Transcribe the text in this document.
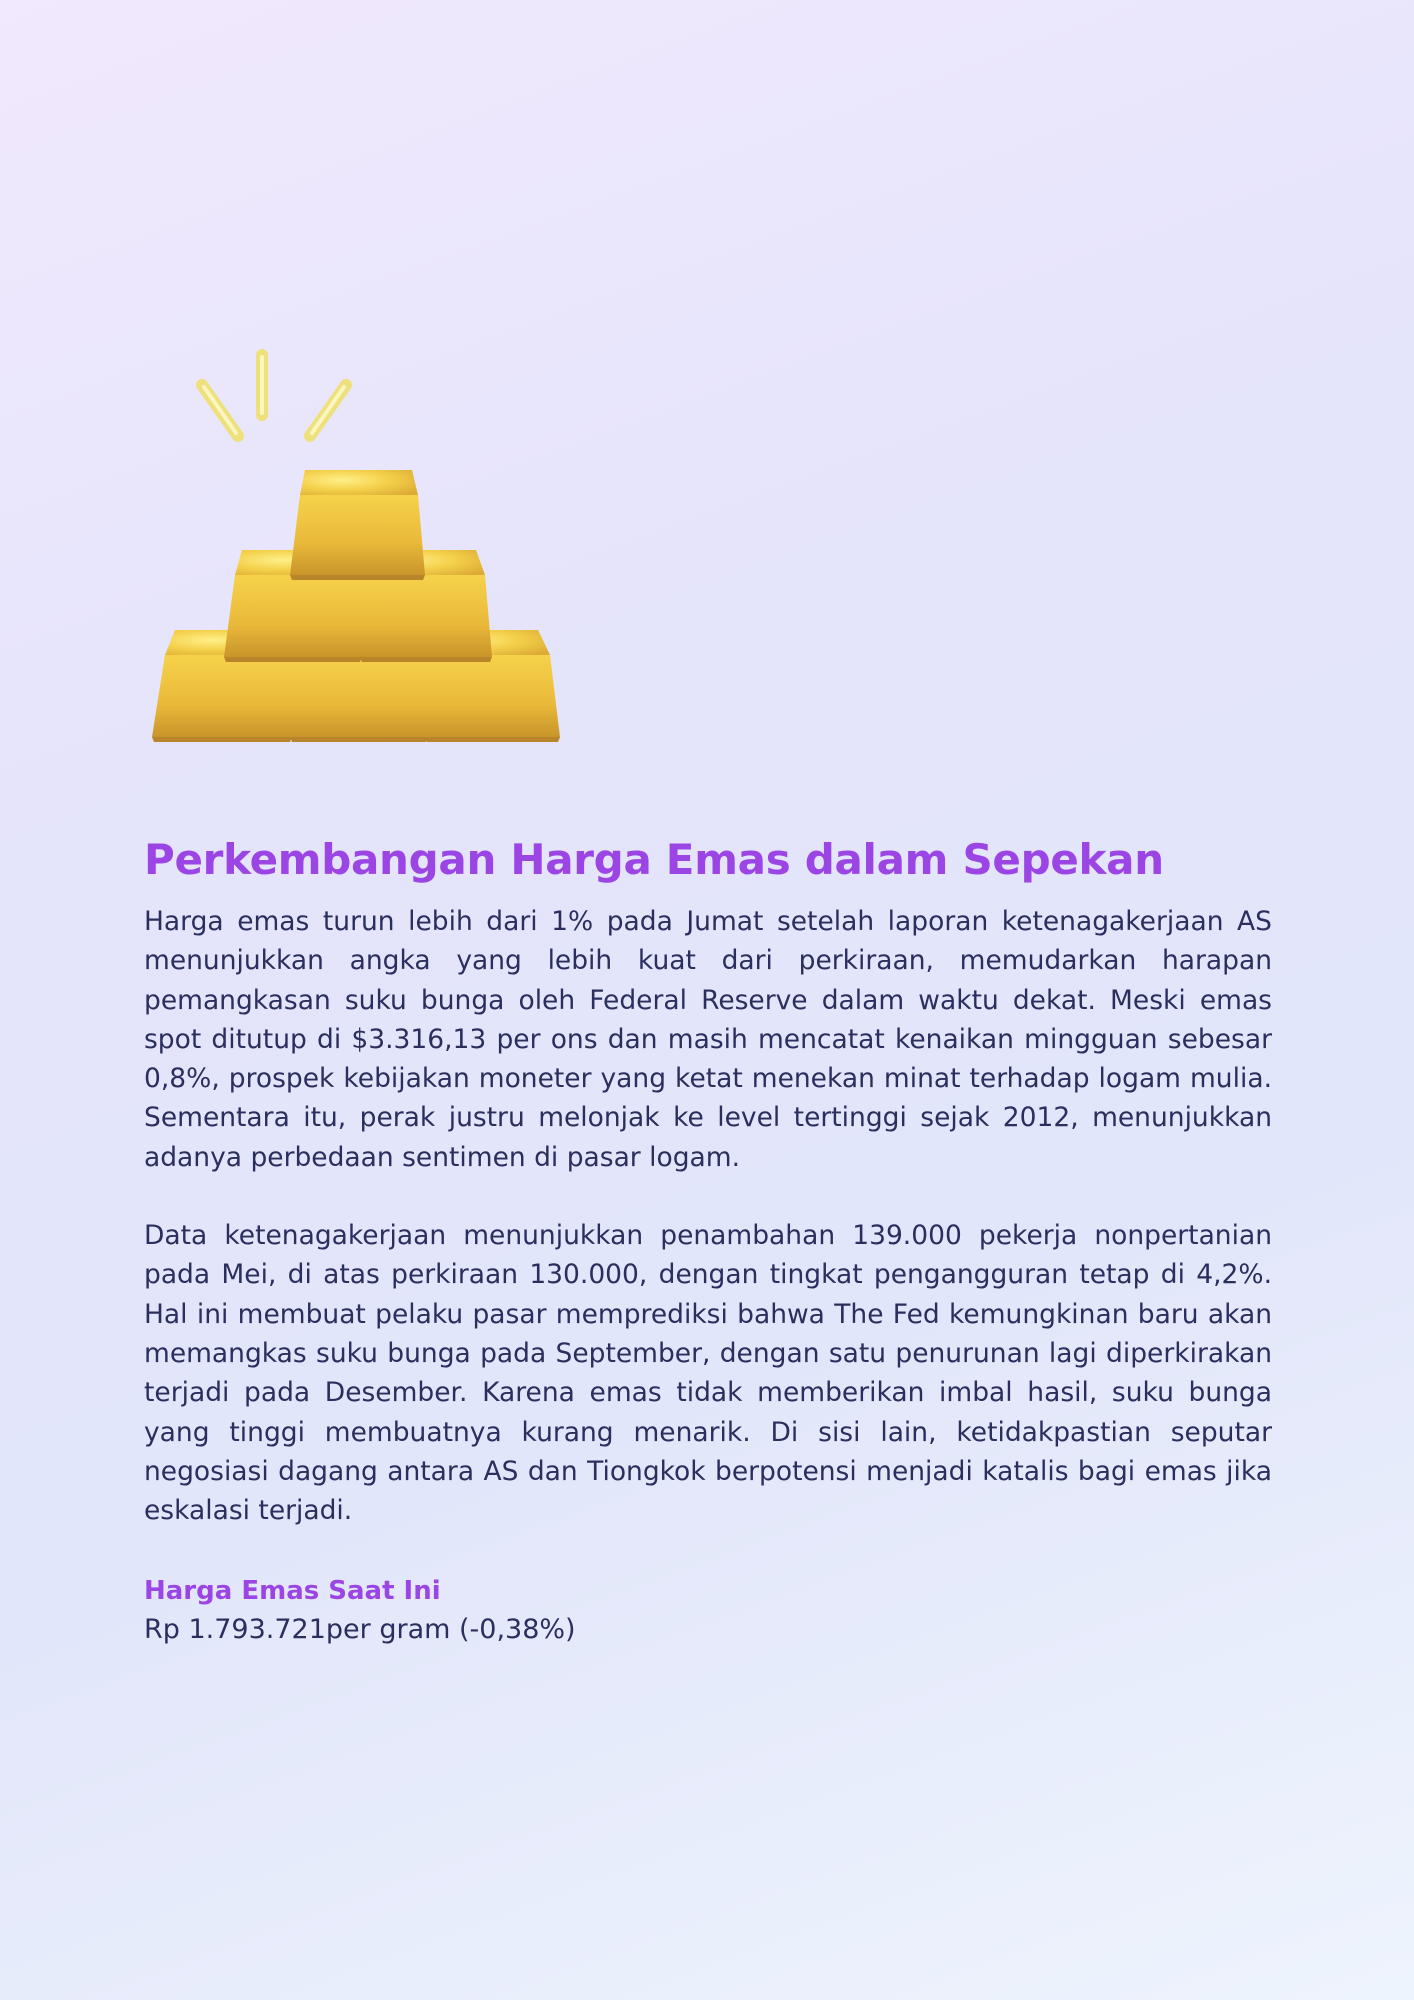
Perkembangan Harga Emas dalam Sepekan

Harga emas turun lebih dari 1% pada Jumat setelah laporan ketenagakerjaan AS menunjukkan angka yang lebih kuat dari perkiraan, memudarkan harapan pemangkasan suku bunga oleh Federal Reserve dalam waktu dekat. Meski emas spot ditutup di $3.316,13 per ons dan masih mencatat kenaikan mingguan sebesar 0,8%, prospek kebijakan moneter yang ketat menekan minat terhadap logam mulia. Sementara itu, perak justru melonjak ke level tertinggi sejak 2012, menunjukkan adanya perbedaan sentimen di pasar logam.

Data ketenagakerjaan menunjukkan penambahan 139.000 pekerja nonpertanian pada Mei, di atas perkiraan 130.000, dengan tingkat pengangguran tetap di 4,2%. Hal ini membuat pelaku pasar memprediksi bahwa The Fed kemungkinan baru akan memangkas suku bunga pada September, dengan satu penurunan lagi diperkirakan terjadi pada Desember. Karena emas tidak memberikan imbal hasil, suku bunga yang tinggi membuatnya kurang menarik. Di sisi lain, ketidakpastian seputar negosiasi dagang antara AS dan Tiongkok berpotensi menjadi katalis bagi emas jika eskalasi terjadi.

Harga Emas Saat Ini

Rp 1.793.721per gram (-0,38%)
